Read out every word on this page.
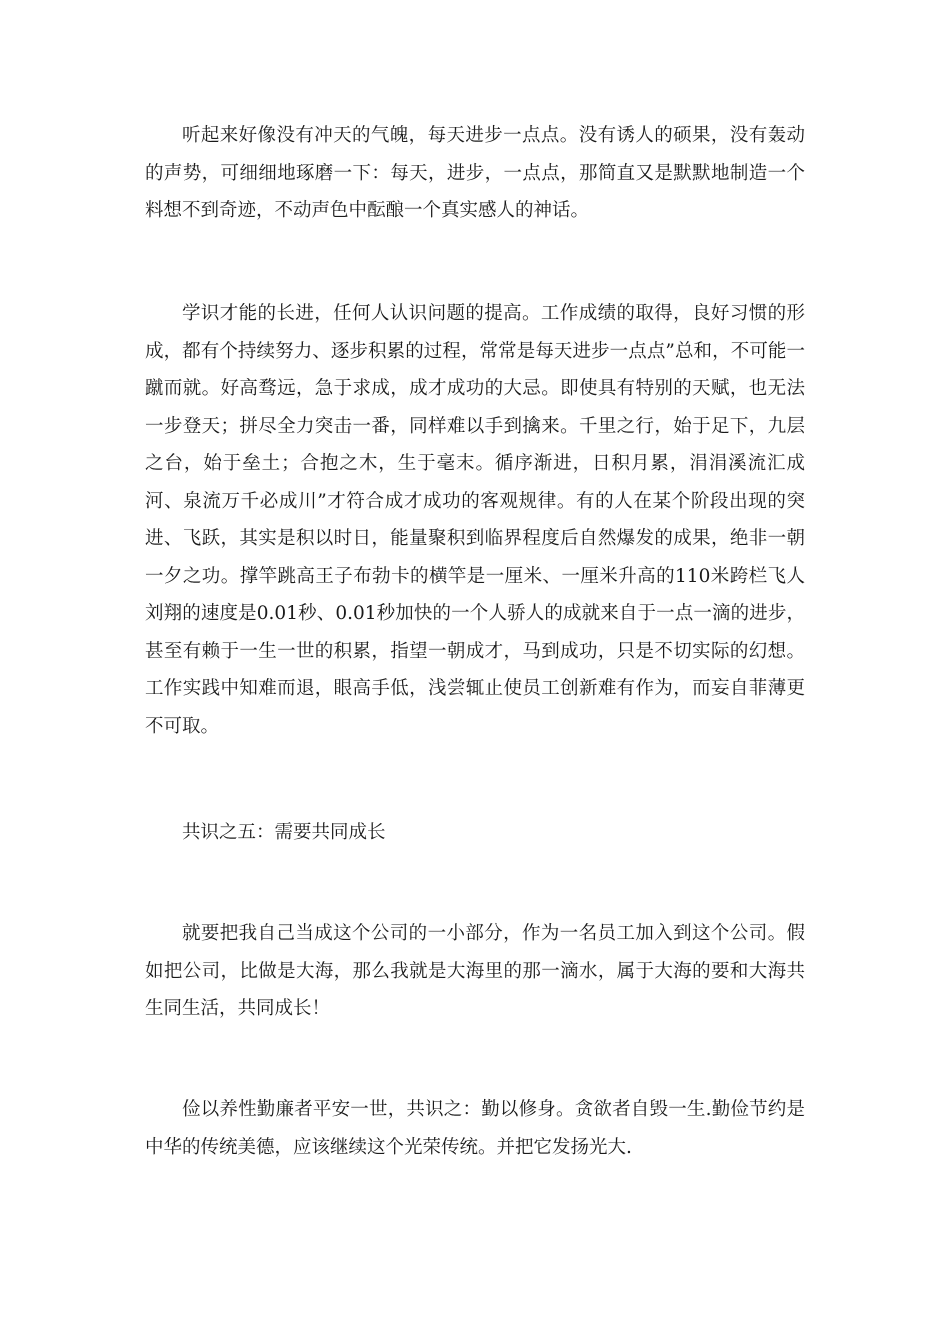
听起来好像没有冲天的气魄，每天进步一点点。没有诱人的硕果，没有轰动的声势，可细细地琢磨一下：每天，进步，一点点，那简直又是默默地制造一个料想不到奇迹，不动声色中酝酿一个真实感人的神话。

学识才能的长进，任何人认识问题的提高。工作成绩的取得，良好习惯的形成，都有个持续努力、逐步积累的过程，常常是每天进步一点点”总和，不可能一蹴而就。好高骛远，急于求成，成才成功的大忌。即使具有特别的天赋，也无法一步登天；拼尽全力突击一番，同样难以手到擒来。千里之行，始于足下，九层之台，始于垒土；合抱之木，生于毫末。循序渐进，日积月累，涓涓溪流汇成河、泉流万千必成川”才符合成才成功的客观规律。有的人在某个阶段出现的突进、飞跃，其实是积以时日，能量聚积到临界程度后自然爆发的成果，绝非一朝一夕之功。撑竿跳高王子布勃卡的横竿是一厘米、一厘米升高的110米跨栏飞人刘翔的速度是0.01秒、0.01秒加快的一个人骄人的成就来自于一点一滴的进步，甚至有赖于一生一世的积累，指望一朝成才，马到成功，只是不切实际的幻想。工作实践中知难而退，眼高手低，浅尝辄止使员工创新难有作为，而妄自菲薄更不可取。

共识之五：需要共同成长

就要把我自己当成这个公司的一小部分，作为一名员工加入到这个公司。假如把公司，比做是大海，那么我就是大海里的那一滴水，属于大海的要和大海共生同生活，共同成长！

俭以养性勤廉者平安一世，共识之：勤以修身。贪欲者自毁一生.勤俭节约是中华的传统美德，应该继续这个光荣传统。并把它发扬光大.
